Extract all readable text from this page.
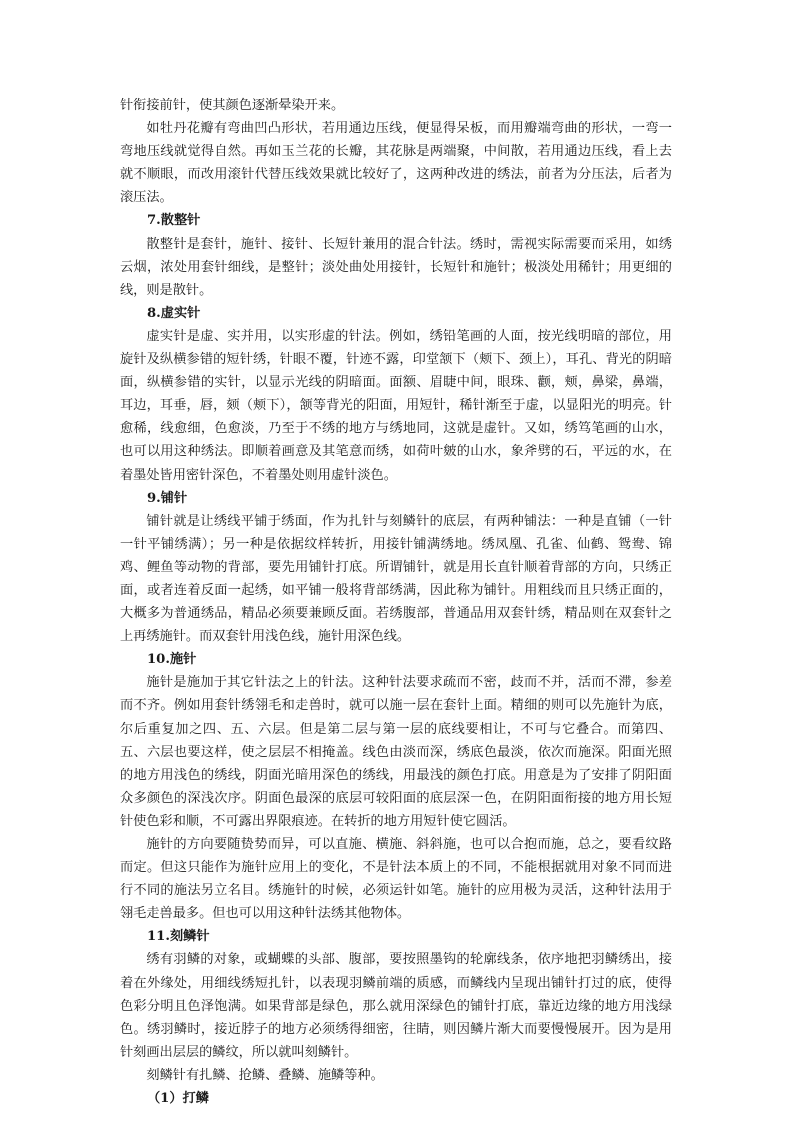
针衔接前针，使其颜色逐渐晕染开来。

如牡丹花瓣有弯曲凹凸形状，若用通边压线，便显得呆板，而用瓣端弯曲的形状，一弯一弯地压线就觉得自然。再如玉兰花的长瓣，其花脉是两端聚，中间散，若用通边压线，看上去就不顺眼，而改用滚针代替压线效果就比较好了，这两种改进的绣法，前者为分压法，后者为滚压法。

7.散整针

散整针是套针，施针、接针、长短针兼用的混合针法。绣时，需视实际需要而采用，如绣云烟，浓处用套针细线，是整针；淡处曲处用接针，长短针和施针；极淡处用稀针；用更细的线，则是散针。

8.虚实针

虚实针是虚、实并用，以实形虚的针法。例如，绣铅笔画的人面，按光线明暗的部位，用旋针及纵横参错的短针绣，针眼不覆，针迹不露，印堂颔下（颊下、颈上），耳孔、背光的阴暗面，纵横参错的实针，以显示光线的阴暗面。面额、眉睫中间，眼珠、颧，颊，鼻梁，鼻端，耳边，耳垂，唇，颏（颊下），颔等背光的阳面，用短针，稀针渐至于虚，以显阳光的明亮。针愈稀，线愈细，色愈淡，乃至于不绣的地方与绣地同，这就是虚针。又如，绣笃笔画的山水，也可以用这种绣法。即顺着画意及其笔意而绣，如荷叶皴的山水，象斧劈的石，平远的水，在着墨处皆用密针深色，不着墨处则用虚针淡色。

9.铺针

铺针就是让绣线平铺于绣面，作为扎针与刻鳞针的底层，有两种铺法：一种是直铺（一针一针平铺绣满）；另一种是依据纹样转折，用接针铺满绣地。绣凤凰、孔雀、仙鹤、鸳鸯、锦鸡、鲤鱼等动物的背部，要先用铺针打底。所谓铺针，就是用长直针顺着背部的方向，只绣正面，或者连着反面一起绣，如平铺一般将背部绣满，因此称为铺针。用粗线而且只绣正面的，大概多为普通绣品，精品必须要兼顾反面。若绣腹部，普通品用双套针绣，精品则在双套针之上再绣施针。而双套针用浅色线，施针用深色线。

10.施针

施针是施加于其它针法之上的针法。这种针法要求疏而不密，歧而不并，活而不滞，参差而不齐。例如用套针绣翎毛和走兽时，就可以施一层在套针上面。精细的则可以先施针为底，尔后重复加之四、五、六层。但是第二层与第一层的底线要相让，不可与它叠合。而第四、五、六层也要这样，使之层层不相掩盖。线色由淡而深，绣底色最淡，依次而施深。阳面光照的地方用浅色的绣线，阴面光暗用深色的绣线，用最浅的颜色打底。用意是为了安排了阴阳面众多颜色的深浅次序。阴面色最深的底层可较阳面的底层深一色，在阴阳面衔接的地方用长短针使色彩和顺，不可露出界限痕迹。在转折的地方用短针使它圆活。

施针的方向要随贽势而异，可以直施、横施、斜斜施，也可以合抱而施，总之，要看纹路而定。但这只能作为施针应用上的变化，不是针法本质上的不同，不能根据就用对象不同而进行不同的施法另立名目。绣施针的时候，必须运针如笔。施针的应用极为灵活，这种针法用于翎毛走兽最多。但也可以用这种针法绣其他物体。

11.刻鳞针

绣有羽鳞的对象，或蝴蝶的头部、腹部，要按照墨钩的轮廓线条，依序地把羽鳞绣出，接着在外缘处，用细线绣短扎针，以表现羽鳞前端的质感，而鳞线内呈现出铺针打过的底，使得色彩分明且色泽饱满。如果背部是绿色，那么就用深绿色的铺针打底，靠近边缘的地方用浅绿色。绣羽鳞时，接近脖子的地方必须绣得细密，往睛，则因鳞片渐大而要慢慢展开。因为是用针刻画出层层的鳞纹，所以就叫刻鳞针。

刻鳞针有扎鳞、抢鳞、叠鳞、施鳞等种。

（1）打鳞
